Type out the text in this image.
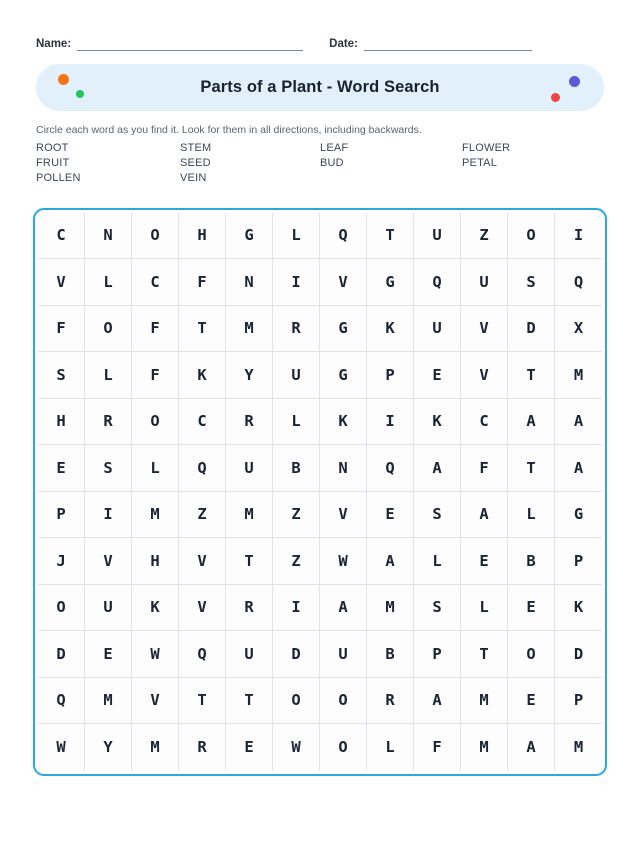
Name:	Date:
Parts of a Plant - Word Search
Circle each word as you find it. Look for them in all directions, including backwards.
ROOT	STEM	LEAF	FLOWER
FRUIT	SEED	BUD	PETAL
POLLEN	VEIN
C	N	O	H	G	L	Q	T	U	Z	O	I
V	L	C	F	N	I	V	G	Q	U	S	Q
F	O	F	T	M	R	G	K	U	V	D	X
S	L	F	K	Y	U	G	P	E	V	T	M
H	R	O	C	R	L	K	I	K	C	A	A
E	S	L	Q	U	B	N	Q	A	F	T	A
P	I	M	Z	M	Z	V	E	S	A	L	G
J	V	H	V	T	Z	W	A	L	E	B	P
O	U	K	V	R	I	A	M	S	L	E	K
D	E	W	Q	U	D	U	B	P	T	O	D
Q	M	V	T	T	O	O	R	A	M	E	P
W	Y	M	R	E	W	O	L	F	M	A	M
